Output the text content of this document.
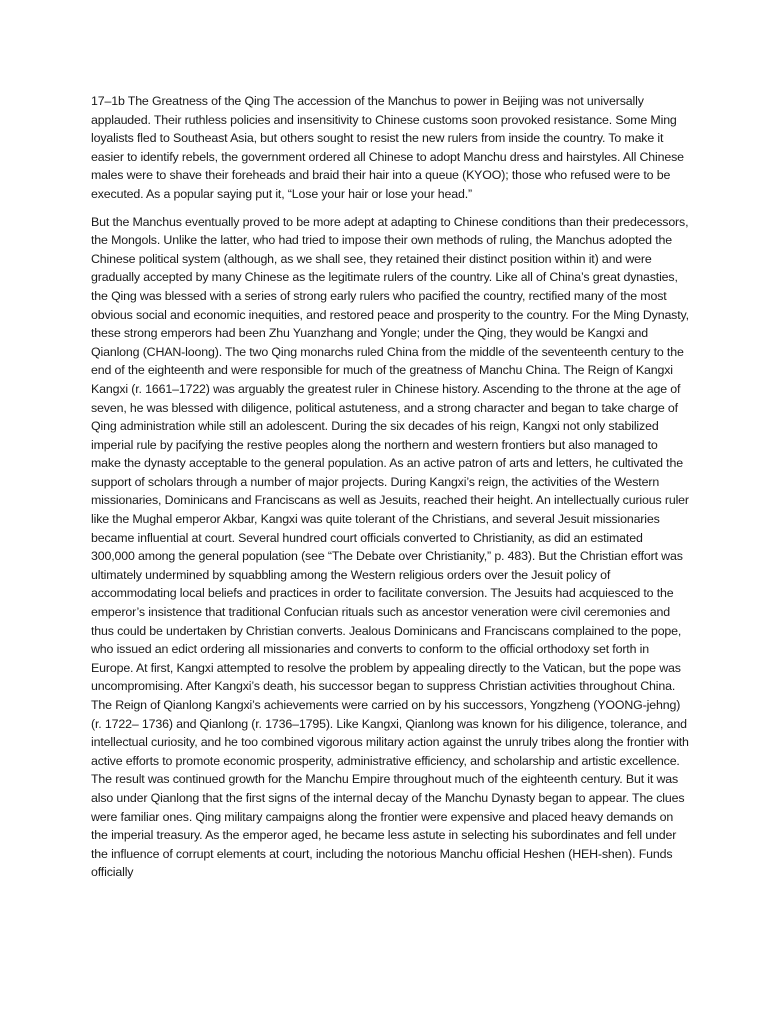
17–1b The Greatness of the Qing The accession of the Manchus to power in Beijing was not universally applauded. Their ruthless policies and insensitivity to Chinese customs soon provoked resistance. Some Ming loyalists fled to Southeast Asia, but others sought to resist the new rulers from inside the country. To make it easier to identify rebels, the government ordered all Chinese to adopt Manchu dress and hairstyles. All Chinese males were to shave their foreheads and braid their hair into a queue (KYOO); those who refused were to be executed. As a popular saying put it, “Lose your hair or lose your head.”

But the Manchus eventually proved to be more adept at adapting to Chinese conditions than their predecessors, the Mongols. Unlike the latter, who had tried to impose their own methods of ruling, the Manchus adopted the Chinese political system (although, as we shall see, they retained their distinct position within it) and were gradually accepted by many Chinese as the legitimate rulers of the country. Like all of China’s great dynasties, the Qing was blessed with a series of strong early rulers who pacified the country, rectified many of the most obvious social and economic inequities, and restored peace and prosperity to the country. For the Ming Dynasty, these strong emperors had been Zhu Yuanzhang and Yongle; under the Qing, they would be Kangxi and Qianlong (CHAN-loong). The two Qing monarchs ruled China from the middle of the seventeenth century to the end of the eighteenth and were responsible for much of the greatness of Manchu China. The Reign of Kangxi Kangxi (r. 1661–1722) was arguably the greatest ruler in Chinese history. Ascending to the throne at the age of seven, he was blessed with diligence, political astuteness, and a strong character and began to take charge of Qing administration while still an adolescent. During the six decades of his reign, Kangxi not only stabilized imperial rule by pacifying the restive peoples along the northern and western frontiers but also managed to make the dynasty acceptable to the general population. As an active patron of arts and letters, he cultivated the support of scholars through a number of major projects. During Kangxi’s reign, the activities of the Western missionaries, Dominicans and Franciscans as well as Jesuits, reached their height. An intellectually curious ruler like the Mughal emperor Akbar, Kangxi was quite tolerant of the Christians, and several Jesuit missionaries became influential at court. Several hundred court officials converted to Christianity, as did an estimated 300,000 among the general population (see “The Debate over Christianity,” p. 483). But the Christian effort was ultimately undermined by squabbling among the Western religious orders over the Jesuit policy of accommodating local beliefs and practices in order to facilitate conversion. The Jesuits had acquiesced to the emperor’s insistence that traditional Confucian rituals such as ancestor veneration were civil ceremonies and thus could be undertaken by Christian converts. Jealous Dominicans and Franciscans complained to the pope, who issued an edict ordering all missionaries and converts to conform to the official orthodoxy set forth in Europe. At first, Kangxi attempted to resolve the problem by appealing directly to the Vatican, but the pope was uncompromising. After Kangxi’s death, his successor began to suppress Christian activities throughout China. The Reign of Qianlong Kangxi’s achievements were carried on by his successors, Yongzheng (YOONG-jehng) (r. 1722– 1736) and Qianlong (r. 1736–1795). Like Kangxi, Qianlong was known for his diligence, tolerance, and intellectual curiosity, and he too combined vigorous military action against the unruly tribes along the frontier with active efforts to promote economic prosperity, administrative efficiency, and scholarship and artistic excellence. The result was continued growth for the Manchu Empire throughout much of the eighteenth century. But it was also under Qianlong that the first signs of the internal decay of the Manchu Dynasty began to appear. The clues were familiar ones. Qing military campaigns along the frontier were expensive and placed heavy demands on the imperial treasury. As the emperor aged, he became less astute in selecting his subordinates and fell under the influence of corrupt elements at court, including the notorious Manchu official Heshen (HEH-shen). Funds officially
